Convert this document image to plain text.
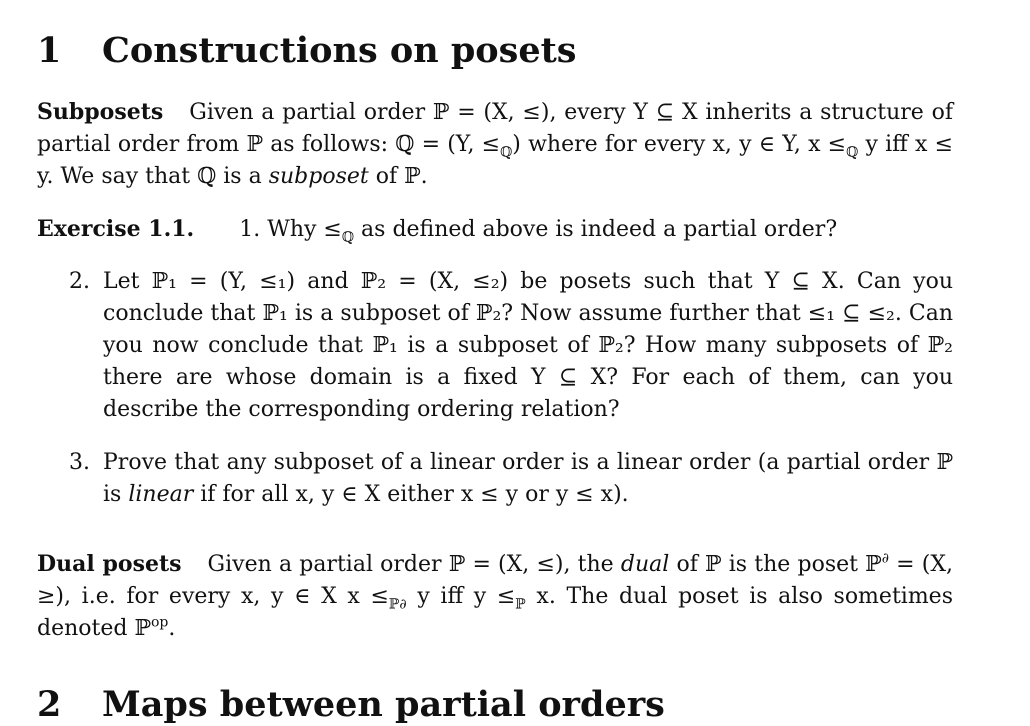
1 Constructions on posets

Subposets Given a partial order ℙ = (X, ≤), every Y ⊆ X inherits a structure of partial order from ℙ as follows: ℚ = (Y, $\le_ℚ$) where for every x, y ∈ Y, $x \le_ℚ$ y iff x ≤ y. We say that ℚ is a subposet of ℙ.

Exercise 1.1. 1. Why $\le_ℚ$ as defined above is indeed a partial order?

2. Let ℙ₁ = (Y, ≤₁) and ℙ₂ = (X, ≤₂) be posets such that Y ⊆ X. Can you conclude that ℙ₁ is a subposet of ℙ₂? Now assume further that ≤₁ ⊆ ≤₂. Can you now conclude that ℙ₁ is a subposet of ℙ₂? How many subposets of ℙ₂ there are whose domain is a fixed Y ⊆ X? For each of them, can you describe the corresponding ordering relation?
3. Prove that any subposet of a linear order is a linear order (a partial order ℙ is linear if for all x, y ∈ X either x ≤ y or y ≤ x).

Dual posets Given a partial order ℙ = (X, ≤), the dual of ℙ is the poset ℙ∂ = (X, ≥), i.e. for every x, y ∈ X $x \le_{ℙ\partial}$ y iff $y \le_ℙ$ x. The dual poset is also sometimes denoted ℙ$^{op}$.

2 Maps between partial orders
